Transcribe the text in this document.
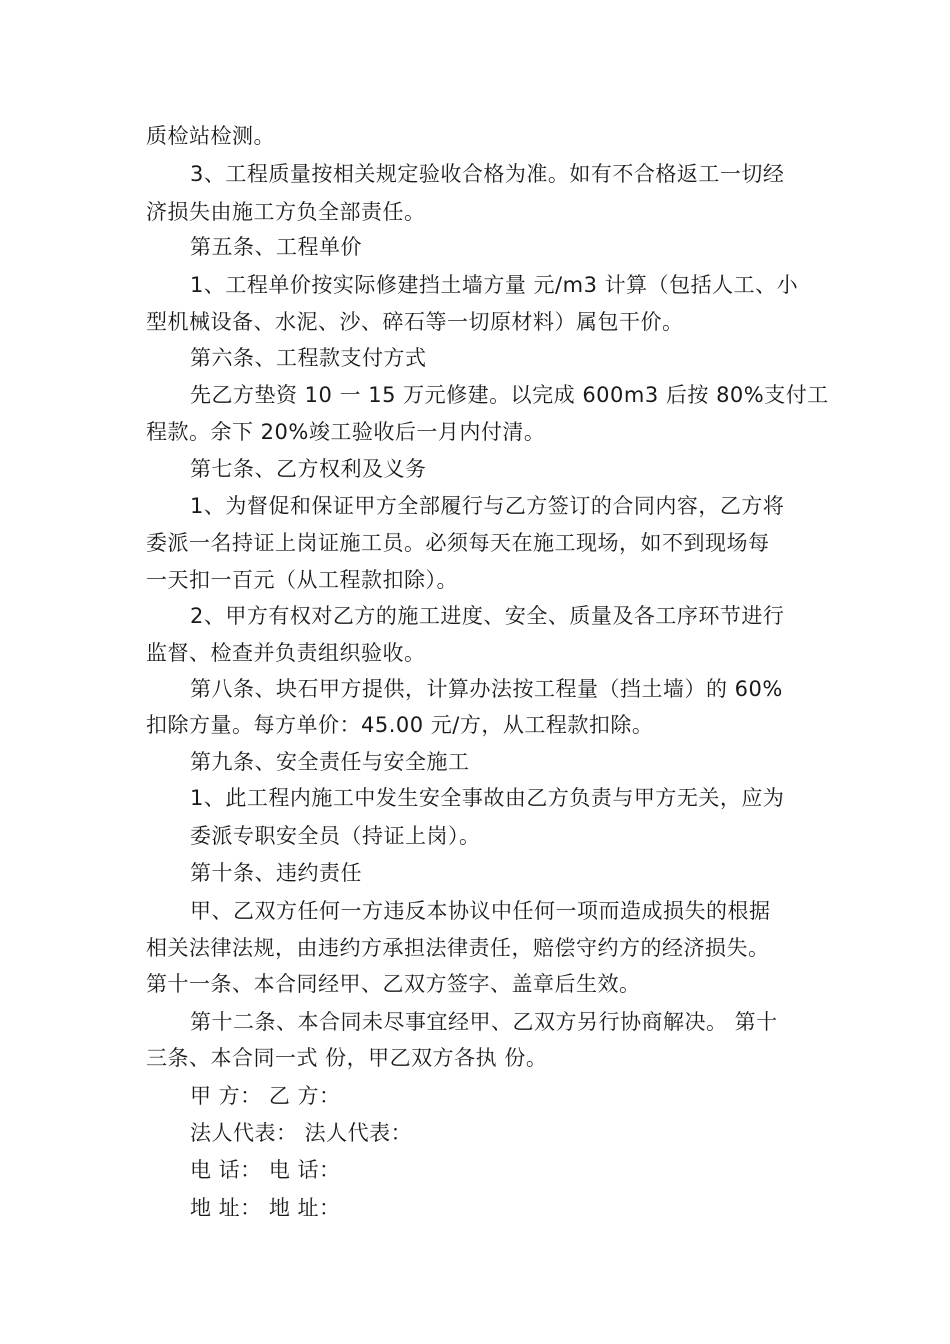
质检站检测。
3、工程质量按相关规定验收合格为准。如有不合格返工一切经
济损失由施工方负全部责任。
第五条、工程单价
1、工程单价按实际修建挡土墙方量 元/m3 计算（包括人工、小
型机械设备、水泥、沙、碎石等一切原材料）属包干价。
第六条、工程款支付方式
先乙方垫资 10 一 15 万元修建。以完成 600m3 后按 80%支付工
程款。余下 20%竣工验收后一月内付清。
第七条、乙方权利及义务
1、为督促和保证甲方全部履行与乙方签订的合同内容，乙方将
委派一名持证上岗证施工员。必须每天在施工现场，如不到现场每
一天扣一百元（从工程款扣除）。
2、甲方有权对乙方的施工进度、安全、质量及各工序环节进行
监督、检查并负责组织验收。
第八条、块石甲方提供，计算办法按工程量（挡土墙）的 60%
扣除方量。每方单价：45.00 元/方，从工程款扣除。
第九条、安全责任与安全施工
1、此工程内施工中发生安全事故由乙方负责与甲方无关，应为
委派专职安全员（持证上岗）。
第十条、违约责任
甲、乙双方任何一方违反本协议中任何一项而造成损失的根据
相关法律法规，由违约方承担法律责任，赔偿守约方的经济损失。
第十一条、本合同经甲、乙双方签字、盖章后生效。
第十二条、本合同未尽事宜经甲、乙双方另行协商解决。 第十
三条、本合同一式 份，甲乙双方各执 份。
甲 方： 乙 方：
法人代表： 法人代表：
电 话： 电 话：
地 址： 地 址：
